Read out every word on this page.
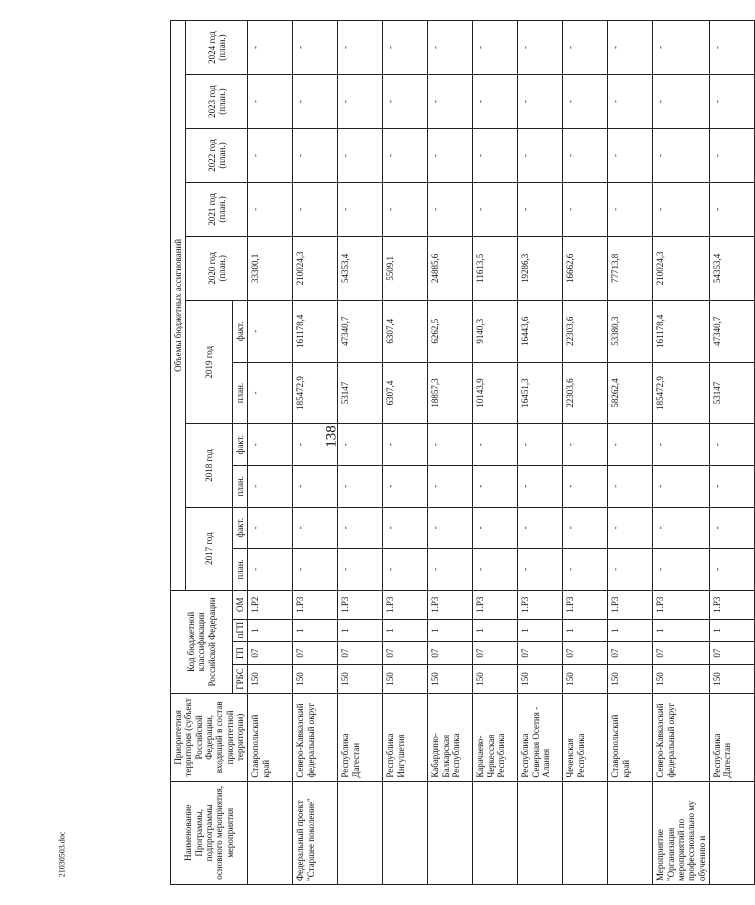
138
2103050З.doc	Наименование Программы, подпрограммы основного мероприятия, мероприятия	Приоритетная территория (субъект Российской Федерации, входящий в состав приоритетной территории)	Код бюджетной классификации Российской Федерации				Объемы бюджетных ассигнований										
						2017 год		2018 год		2019 год		2020 год (план.)	2021 год (план.)	2022 год (план.)	2023 год (план.)	2024 год (план.)
		ГРБС	ГП	пГП	ОМ	план.	факт.	план.	факт.	план.	факт.					
	Ставропольский край	150	07	1	1.Р2	-	-	-	-	-	-	33300,1	-	-	-	-
Федеральный проект "Старшее поколение"	Северо-Кавказский федеральный округ	150	07	1	1.Р3	-	-	-	-	185472,9	161178,4	210024,3	-	-	-	-
	Республика Дагестан	150	07	1	1.Р3	-	-	-	-	53147	47340,7	54353,4	-	-	-	-
	Республика Ингушетия	150	07	1	1.Р3	-	-	-	-	6307,4	6307,4	5509,1	-	-	-	-
	Кабардино-Балкарская Республика	150	07	1	1.Р3	-	-	-	-	18857,3	6262,5	24885,6	-	-	-	-
	Карачаево-Черкесская Республика	150	07	1	1.Р3	-	-	-	-	10143,9	9140,3	11613,5	-	-	-	-
	Республика Северная Осетия - Алания	150	07	1	1.Р3	-	-	-	-	16451,3	16443,6	19286,3	-	-	-	-
	Чеченская Республика	150	07	1	1.Р3	-	-	-	-	22303,6	22303,6	16662,6	-	-	-	-
	Ставропольский край	150	07	1	1.Р3	-	-	-	-	58262,4	53380,3	77713,8	-	-	-	-
Мероприятие "Организация мероприятий по профессионально му обучению и	Северо-Кавказский федеральный округ	150	07	1	1.Р3	-	-	-	-	185472,9	161178,4	210024,3	-	-	-	-
	Республика Дагестан	150	07	1	1.Р3	-	-	-	-	53147	47340,7	54353,4	-	-	-	-
